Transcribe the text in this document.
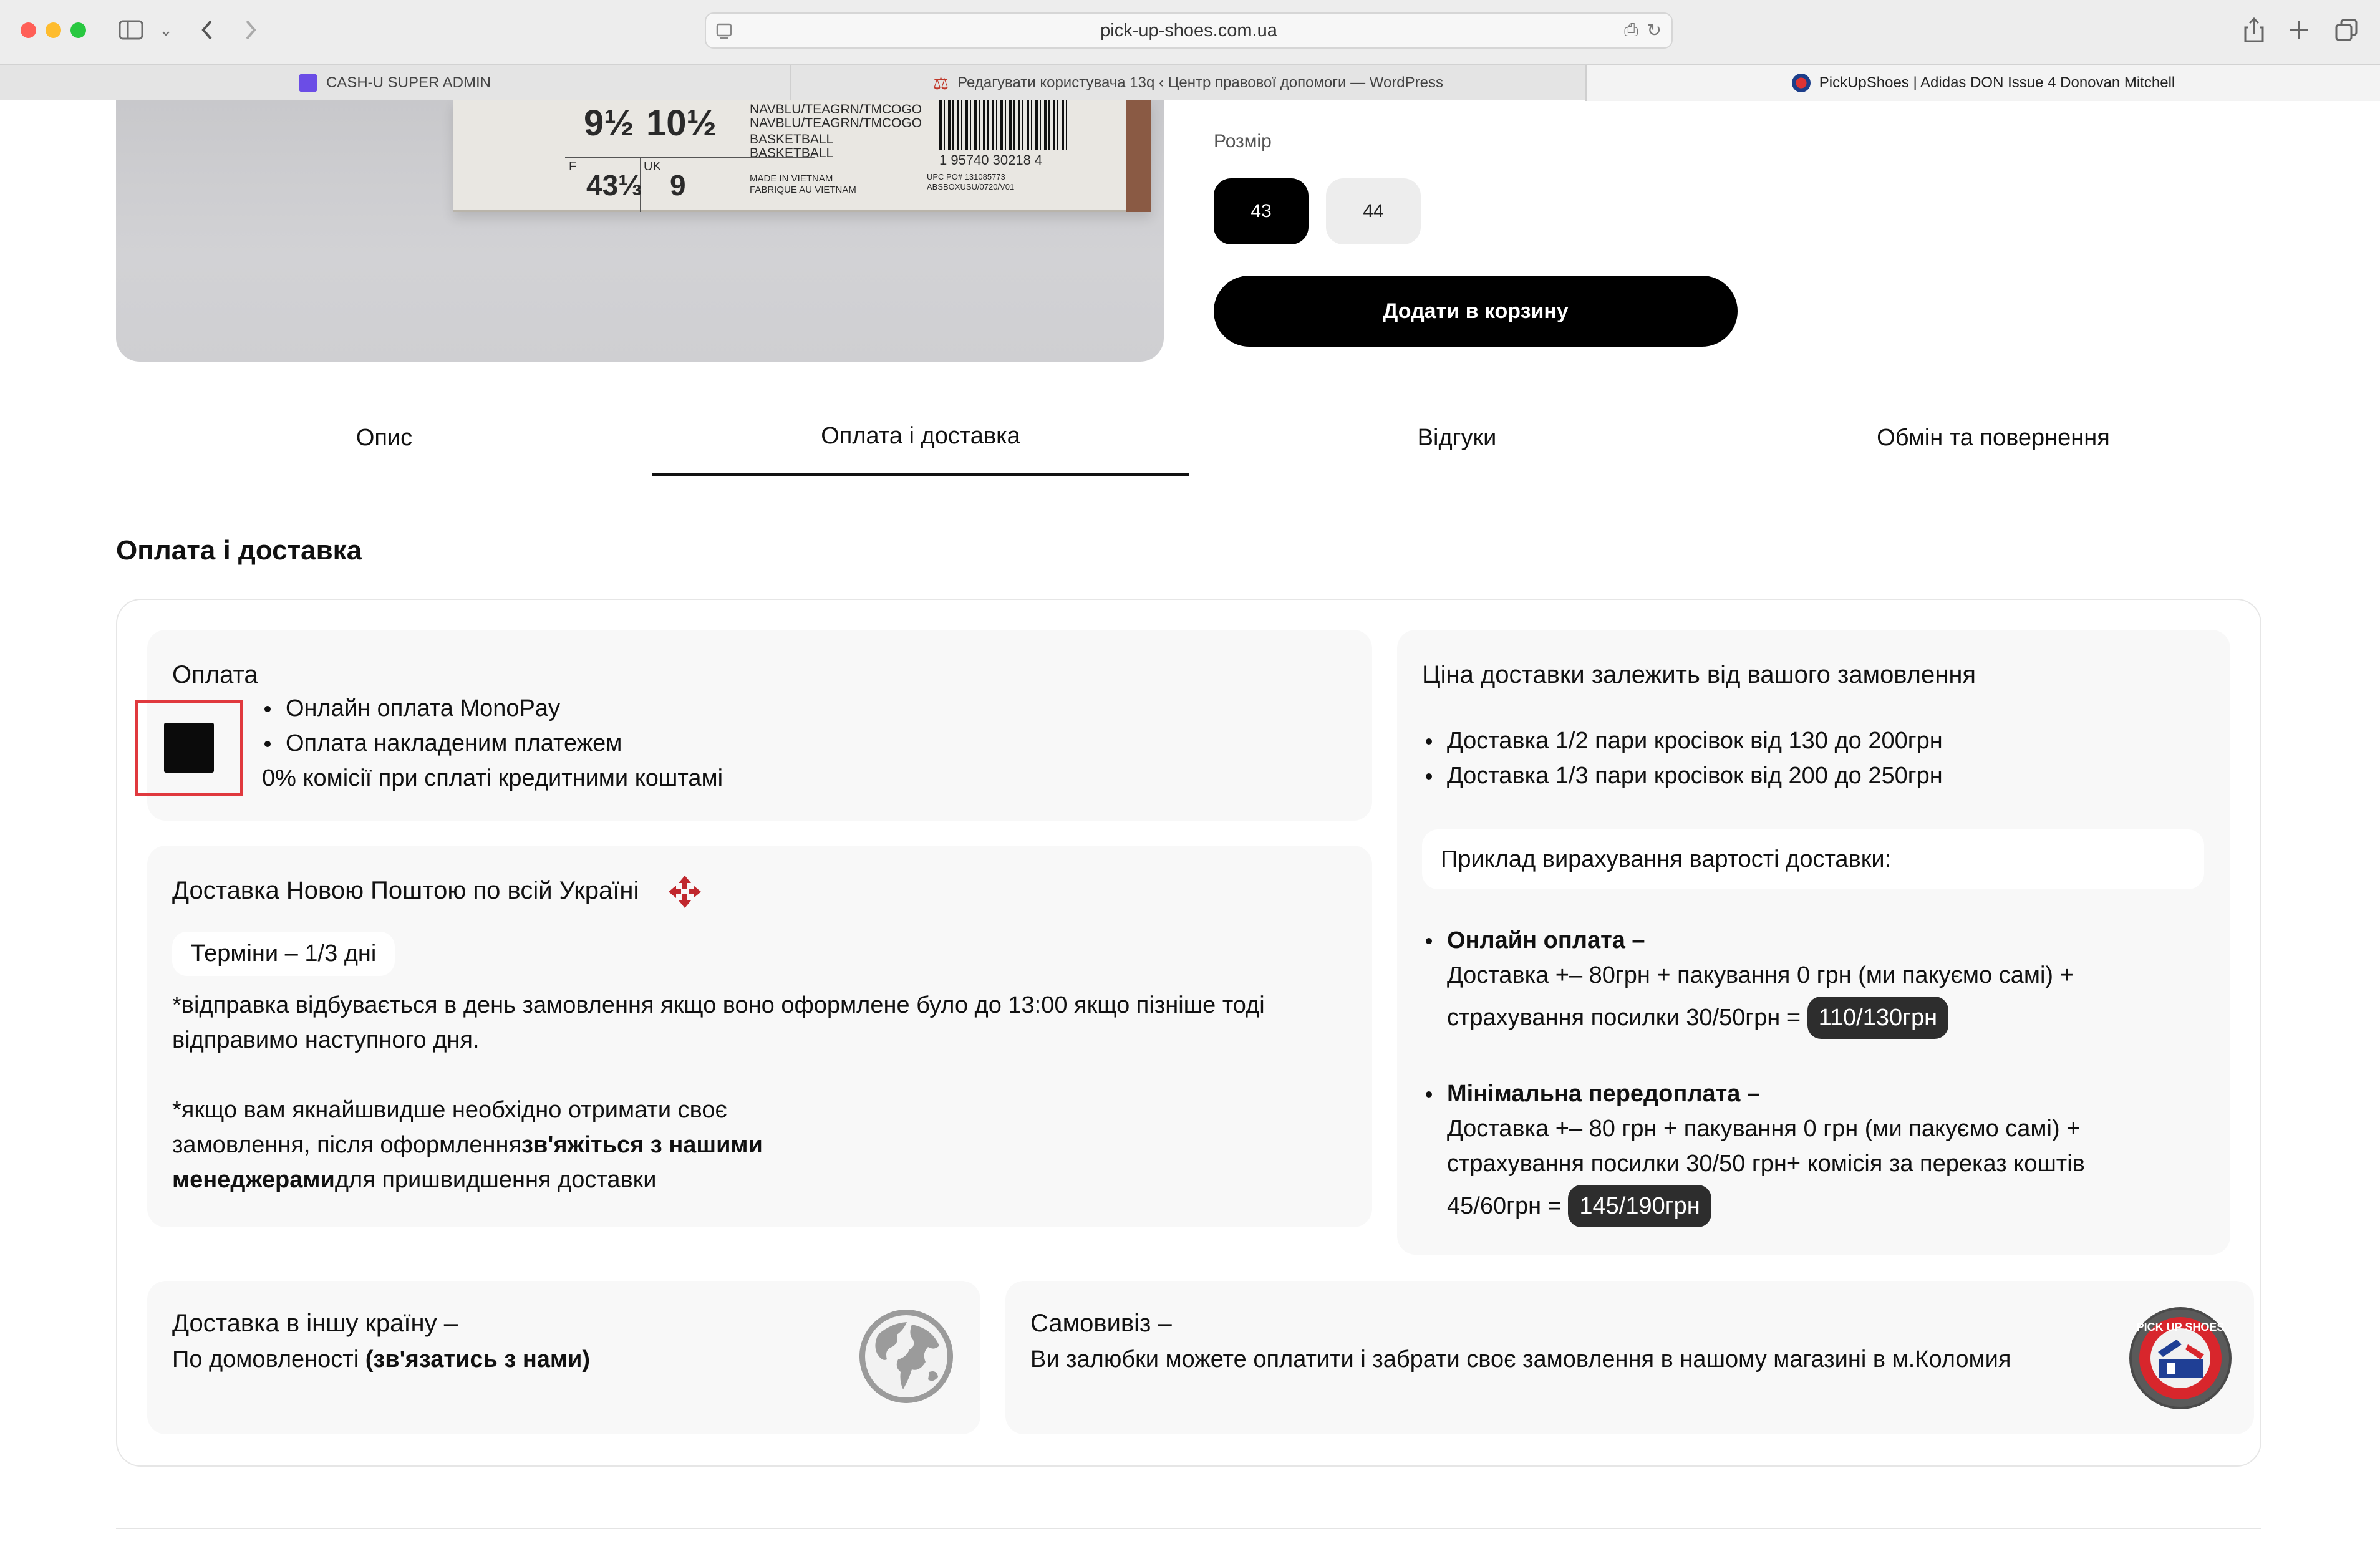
⌄	pick-up-shoes.com.ua	⎙ ↻
CASH-U SUPER ADMIN	⚖ Редагувати користувача 13q ‹ Центр правової допомоги — WordPress	PickUpShoes | Adidas DON Issue 4 Donovan Mitchell
9½ 10½
F
43⅓
UK
9
NAVBLU/TEAGRN/TMCOGO
NAVBLU/TEAGRN/TMCOGO
BASKETBALL
BASKETBALL
MADE IN VIETNAM
FABRIQUE AU VIETNAM
1 95740 30218 4
UPC PO# 131085773
ABSBOXUSU/0720/V01
Розмір
43	44
Додати в корзину
Опис	Оплата і доставка	Відгуки	Обмін та повернення
Оплата і доставка
Оплата
Онлайн оплата MonoPay
Оплата накладеним платежем
0% комісії при сплаті кредитними коштамі
Доставка Новою Поштою по всій Україні
Терміни – 1/3 дні
*відправка відбувається в день замовлення якщо воно оформлене було до 13:00 якщо пізніше тоді відправимо наступного дня.
*якщо вам якнайшвидше необхідно отримати своє
замовлення, після оформленнязв'яжіться з нашими
менеджерамидля пришвидшення доставки
Ціна доставки залежить від вашого замовлення
Доставка 1/2 пари кросівок від 130 до 200грн
Доставка 1/3 пари кросівок від 200 до 250грн
Приклад вирахування вартості доставки:
Онлайн оплата –
Доставка +– 80грн + пакування 0 грн (ми пакуємо самі) +
страхування посилки 30/50грн = 110/130грн
Мінімальна передоплата –
Доставка +– 80 грн + пакування 0 грн (ми пакуємо самі) +
страхування посилки 30/50 грн+ комісія за переказ коштів
45/60грн = 145/190грн
Доставка в іншу країну –
По домовленості (зв'язатись з нами)
Самовивіз –
Ви залюбки можете оплатити і забрати своє замовлення в нашому магазині в м.Коломия
PICK UP SHOES
